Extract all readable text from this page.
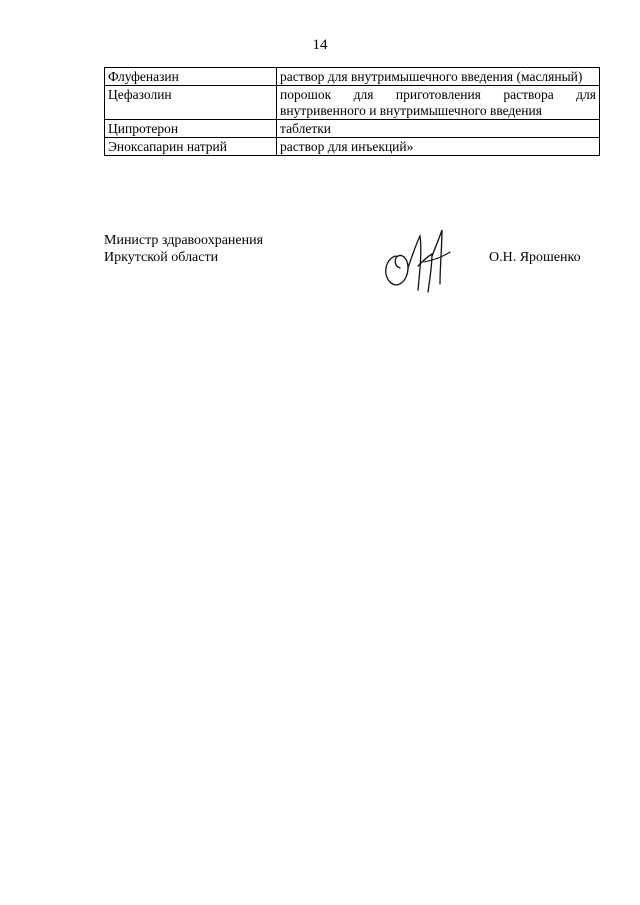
14
Флуфеназин	раствор для внутримышечного введения (масляный)
Цефазолин	порошок для приготовления раствора для внутривенного и внутримышечного введения
Ципротерон	таблетки
Эноксапарин натрий	раствор для инъекций»
Министр здравоохранения
Иркутской области	О.Н. Ярошенко
